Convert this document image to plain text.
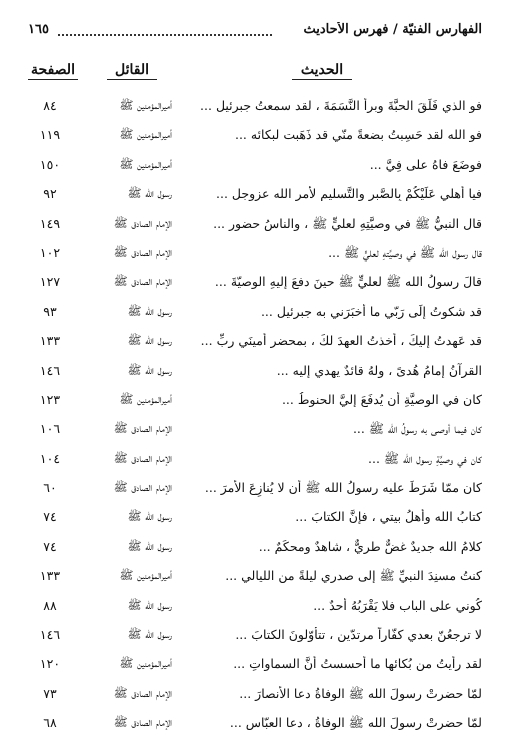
الفهارس الفنيّة / فهرس الأحاديث
١٦٥
الحديث
القائل
الصفحة
فو الذي فَلَقَ الحبَّةَ وبرأَ النَّسَمَةَ ، لقد سمعتُ جبرئيل ...
أميرالمؤمنين ﷺ
٨٤
فو الله لقد حَسِبتُ بضعةً منّي قد ذَهَبت لبكائه ...
أميرالمؤمنين ﷺ
١١٩
فوضَعَ فاهُ على فِيَّ ...
أميرالمؤمنين ﷺ
١٥٠
فيا أهلي عَلَيْكُمْ بِالصَّبرِ والتَّسليمِ لأمرِ الله عزوجل ...
رسول الله ﷺ
٩٢
قال النبيُّ ﷺ في وصيَّتِهِ لعليٍّ ﷺ ، والناسُ حضور ...
الإمام الصادق ﷺ
١٤٩
قال رسول الله ﷺ في وصيَّتهِ لعليٍّ ﷺ ...
الإمام الصادق ﷺ
١٠٢
قالَ رسولُ الله ﷺ لعليٍّ ﷺ حينَ دفعَ إليهِ الوصيّةَ ...
الإمام الصادق ﷺ
١٢٧
قد شكوتُ إلَى رَبّي ما أُخبَرَني به جبرئيل ...
رسول الله ﷺ
٩٣
قد عَهِدتُ إليكَ ، أخذتُ العهدَ لكَ ، بمحضرِ أمينَي ربِّ ...
رسول الله ﷺ
١٣٣
القرآنُ إمامُ هُدىً ، ولهُ قائدٌ يهدي إليه ...
رسول الله ﷺ
١٤٦
كان في الوصيَّةِ أن يُدفَعَ إليَّ الحنوطُ ...
أميرالمؤمنين ﷺ
١٢٣
كان فيما أوصى به رسولُ الله ﷺ ...
الإمام الصادق ﷺ
١٠٦
كان في وصيَّةِ رسول الله ﷺ ...
الإمام الصادق ﷺ
١٠٤
كان ممّا شَرَطَ عليه رسولُ الله ﷺ أن لا يُنازِعَ الأمرَ ...
الإمام الصادق ﷺ
٦٠
كتابُ الله وأهلُ بيتي ، فإنَّ الكتابَ ...
رسول الله ﷺ
٧٤
كلامُ الله جديدٌ غضٌّ طريٌّ ، شاهدٌ ومحكَمٌ ...
رسول الله ﷺ
٧٤
كنتُ مسنِدَ النبيِّ ﷺ إلى صدري ليلةً من الليالي ...
أميرالمؤمنين ﷺ
١٣٣
كُوني على الباب فلا يَقْرَبُهُ أحدٌ ...
رسول الله ﷺ
٨٨
لا ترجعُنّ بعدي كفّاراً مرتدّين ، تتأوّلونَ الكتابَ ...
رسول الله ﷺ
١٤٦
لقد رأيتُ من بُكائها ما أحسستُ أنَّ السماواتِ ...
أميرالمؤمنين ﷺ
١٢٠
لمّا حضرتْ رسولَ الله ﷺ الوفاةُ دعا الأنصارَ ...
الإمام الصادق ﷺ
٧٣
لمّا حضرتْ رسولَ الله ﷺ الوفاةُ ، دعا العبّاس ...
الإمام الصادق ﷺ
٦٨
